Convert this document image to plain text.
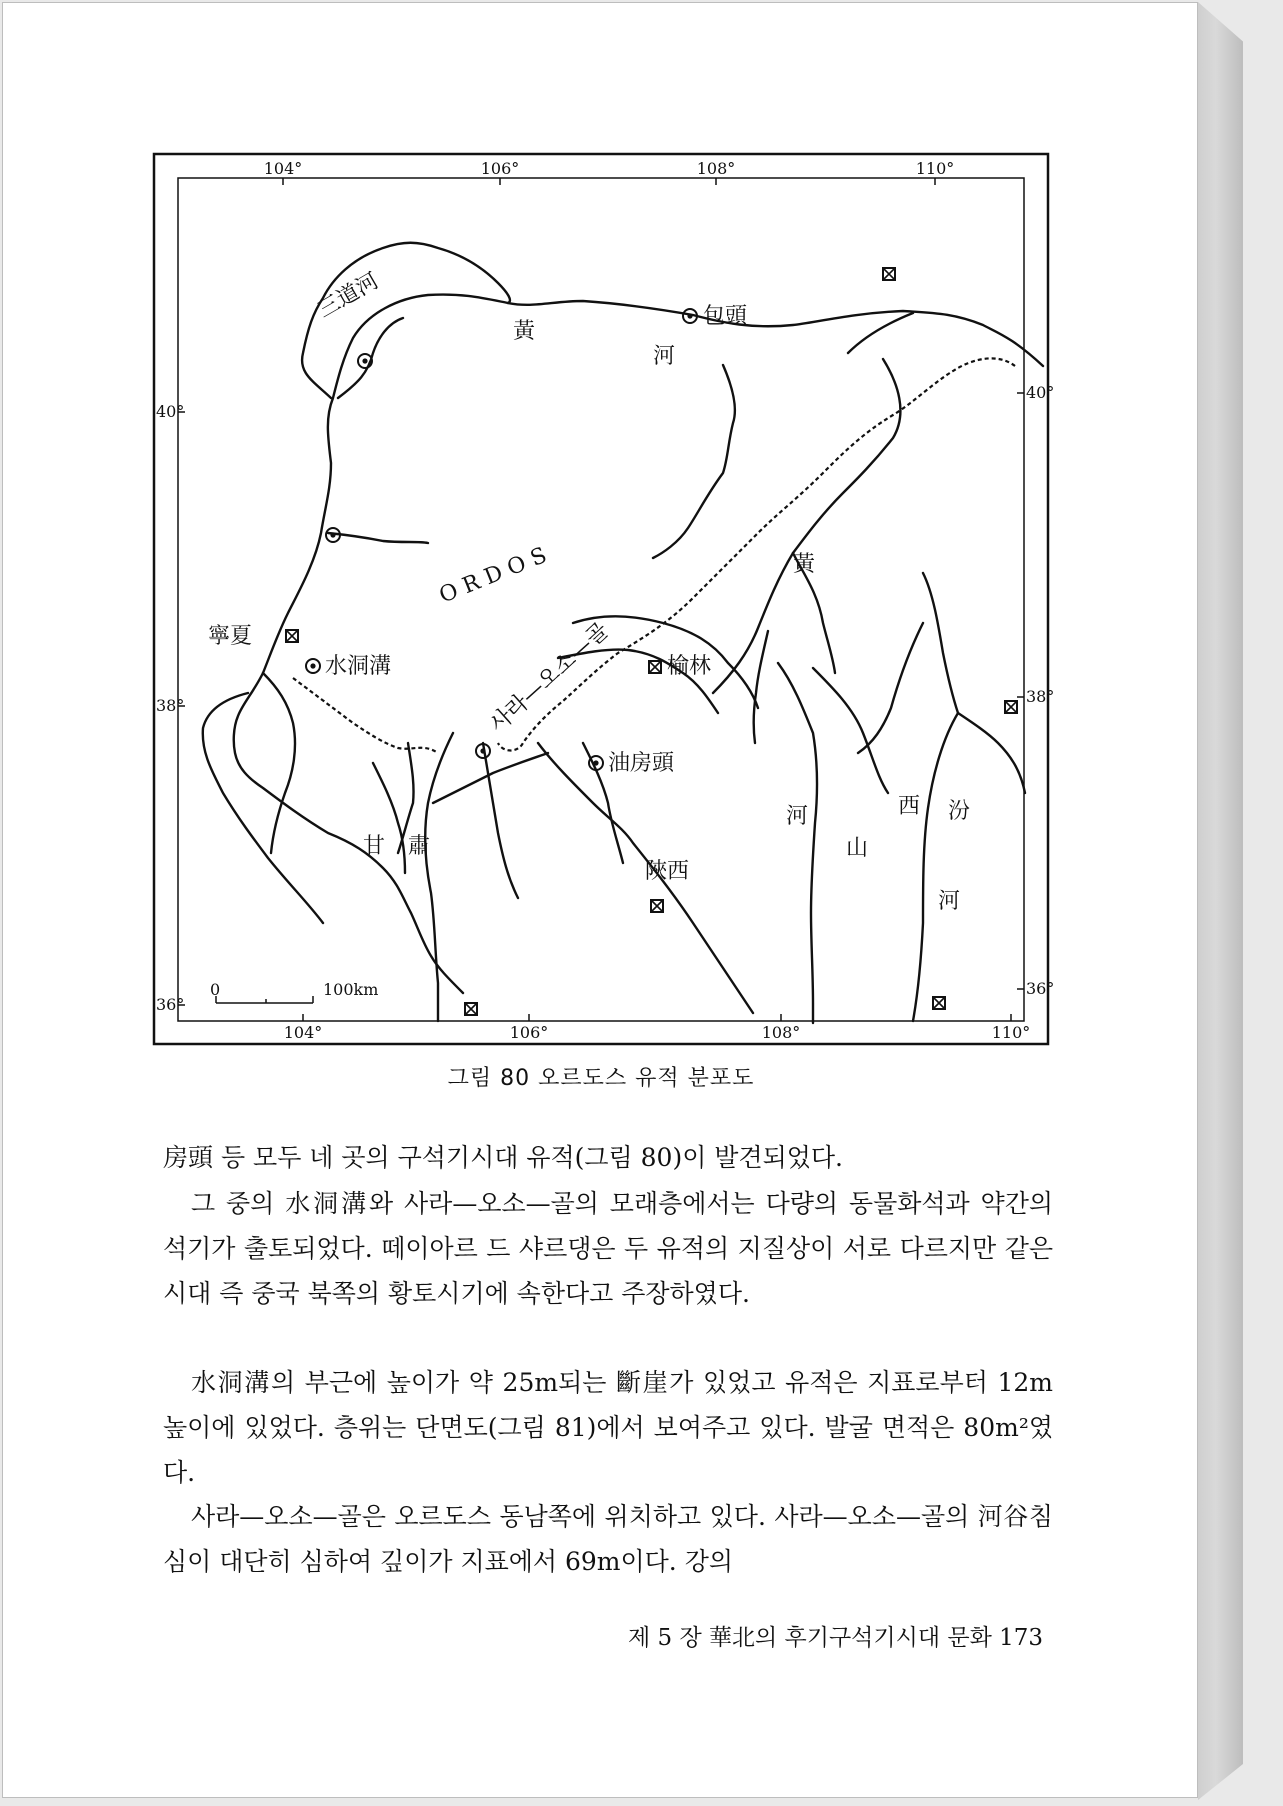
104°	106°	108°	110°
104°	106°	108°	110°
40°
38°
36°
40°
38°
36°
三道河
黃
河
包頭
O R D O S
寧夏
水洞溝	사라—오소—골 榆林
油房頭
黃
河	西 汾
山
河
甘 肅
陜西
0	100km
그림 80 오르도스 유적 분포도

房頭 등 모두 네 곳의 구석기시대 유적(그림 80)이 발견되었다.

그 중의 水洞溝와 사라—오소—골의 모래층에서는 다량의 동물화석과 약간의 석기가 출토되었다. 떼이아르 드 샤르댕은 두 유적의 지질상이 서로 다르지만 같은 시대 즉 중국 북쪽의 황토시기에 속한다고 주장하였다.

水洞溝의 부근에 높이가 약 25m되는 斷崖가 있었고 유적은 지표로부터 12m 높이에 있었다. 층위는 단면도(그림 81)에서 보여주고 있다. 발굴 면적은 80m²였다.

사라—오소—골은 오르도스 동남쪽에 위치하고 있다. 사라—오소—골의 河谷침심이 대단히 심하여 깊이가 지표에서 69m이다. 강의

제 5 장 華北의 후기구석기시대 문화 173
